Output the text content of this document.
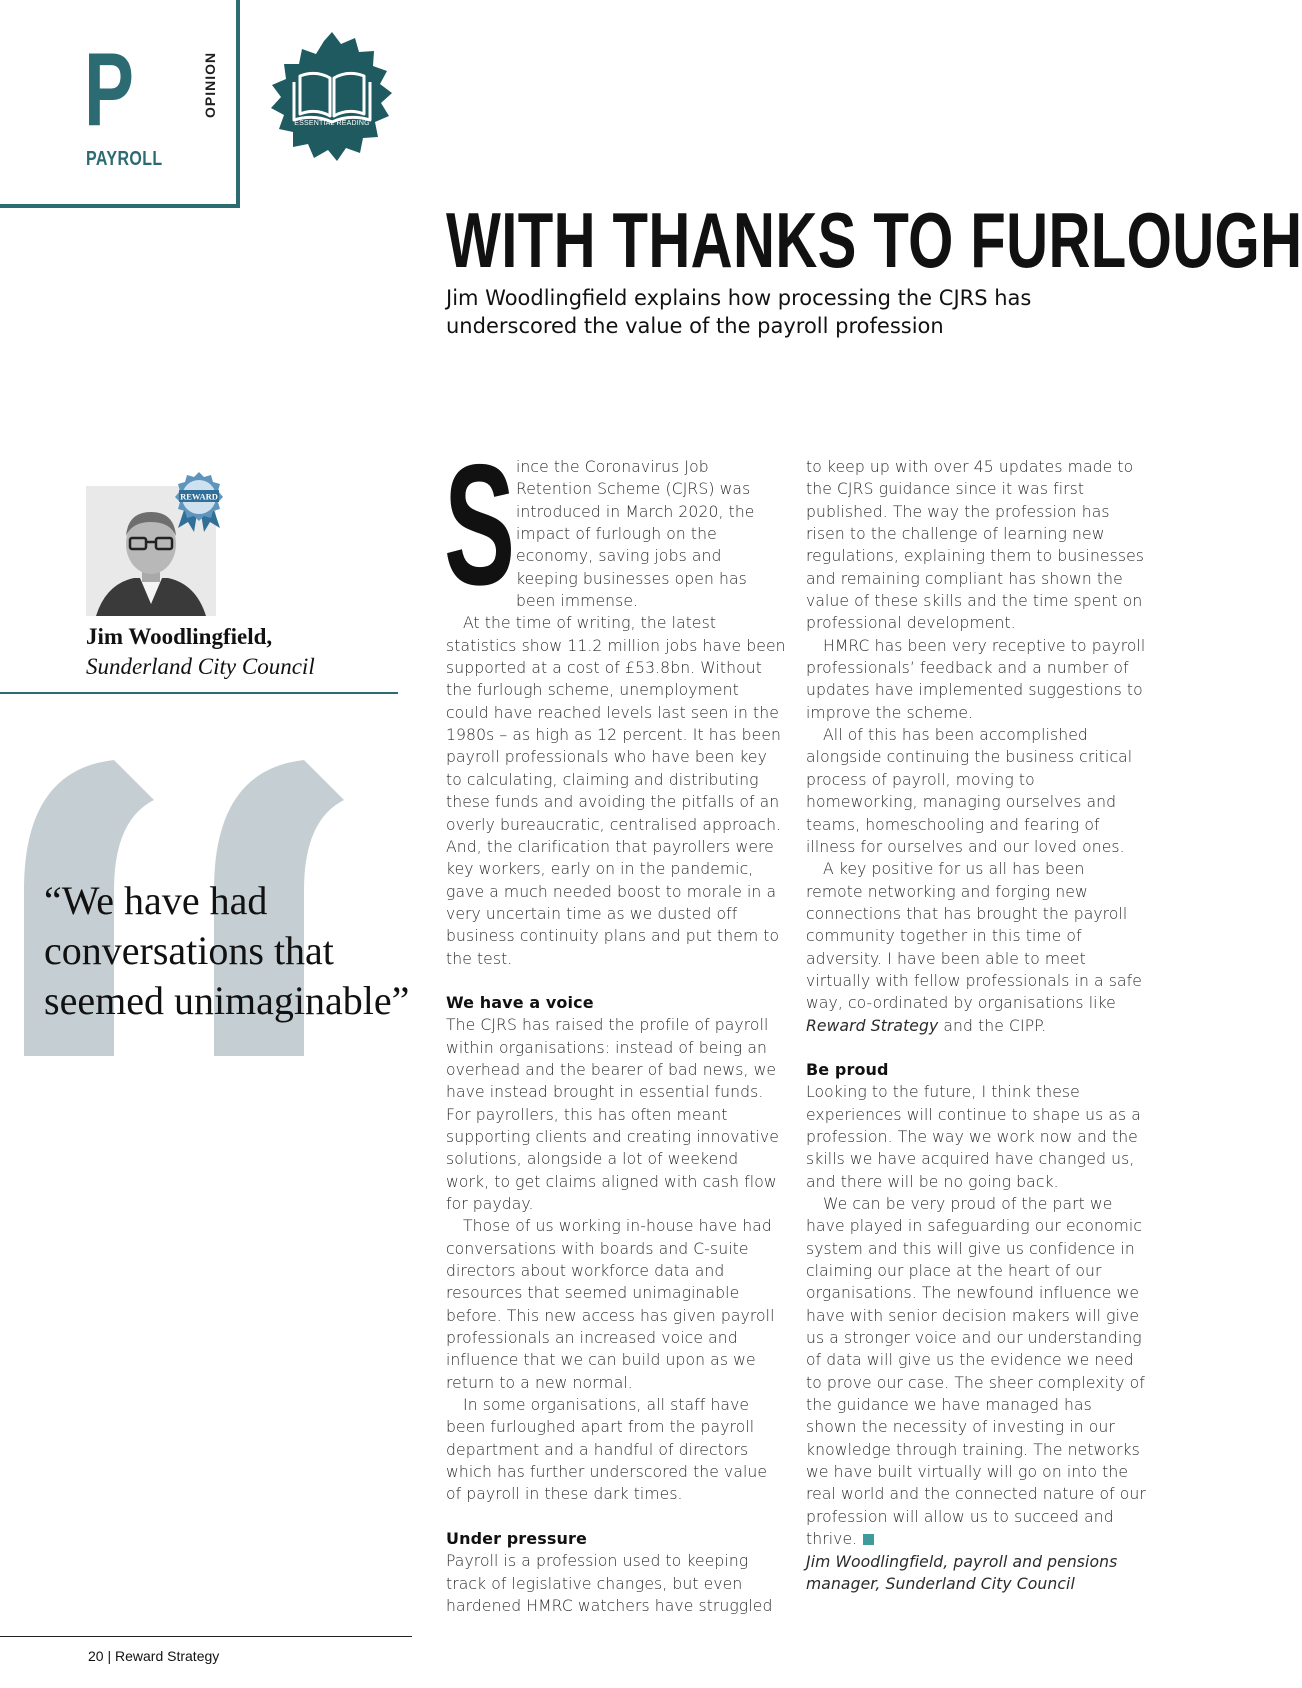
P
PAYROLL
OPINION
ESSENTIAL READING
WITH THANKS TO FURLOUGH
Jim Woodlingfield explains how processing the CJRS has underscored the value of the payroll profession
REWARD
Jim Woodlingfield,
Sunderland City Council
“We have had conversations that seemed unimaginable”

Since the Coronavirus Job Retention Scheme (CJRS) was introduced in March 2020, the impact of furlough on the economy, saving jobs and keeping businesses open has been immense.

At the time of writing, the latest statistics show 11.2 million jobs have been supported at a cost of £53.8bn. Without the furlough scheme, unemployment could have reached levels last seen in the 1980s – as high as 12 percent. It has been payroll professionals who have been key to calculating, claiming and distributing these funds and avoiding the pitfalls of an overly bureaucratic, centralised approach. And, the clarification that payrollers were key workers, early on in the pandemic, gave a much needed boost to morale in a very uncertain time as we dusted off business continuity plans and put them to the test.

We have a voice

The CJRS has raised the profile of payroll within organisations: instead of being an overhead and the bearer of bad news, we have instead brought in essential funds. For payrollers, this has often meant supporting clients and creating innovative solutions, alongside a lot of weekend work, to get claims aligned with cash flow for payday.

Those of us working in-house have had conversations with boards and C-suite directors about workforce data and resources that seemed unimaginable before. This new access has given payroll professionals an increased voice and influence that we can build upon as we return to a new normal.

In some organisations, all staff have been furloughed apart from the payroll department and a handful of directors which has further underscored the value of payroll in these dark times.

Under pressure

Payroll is a profession used to keeping track of legislative changes, but even hardened HMRC watchers have struggled

to keep up with over 45 updates made to the CJRS guidance since it was first published. The way the profession has risen to the challenge of learning new regulations, explaining them to businesses and remaining compliant has shown the value of these skills and the time spent on professional development.

HMRC has been very receptive to payroll professionals’ feedback and a number of updates have implemented suggestions to improve the scheme.

All of this has been accomplished alongside continuing the business critical process of payroll, moving to homeworking, managing ourselves and teams, homeschooling and fearing of illness for ourselves and our loved ones.

A key positive for us all has been remote networking and forging new connections that has brought the payroll community together in this time of adversity. I have been able to meet virtually with fellow professionals in a safe way, co-ordinated by organisations like Reward Strategy and the CIPP.

Be proud

Looking to the future, I think these experiences will continue to shape us as a profession. The way we work now and the skills we have acquired have changed us, and there will be no going back.

We can be very proud of the part we have played in safeguarding our economic system and this will give us confidence in claiming our place at the heart of our organisations. The newfound influence we have with senior decision makers will give us a stronger voice and our understanding of data will give us the evidence we need to prove our case. The sheer complexity of the guidance we have managed has shown the necessity of investing in our knowledge through training. The networks we have built virtually will go on into the real world and the connected nature of our profession will allow us to succeed and thrive.

Jim Woodlingfield, payroll and pensions manager, Sunderland City Council

20 | Reward Strategy
